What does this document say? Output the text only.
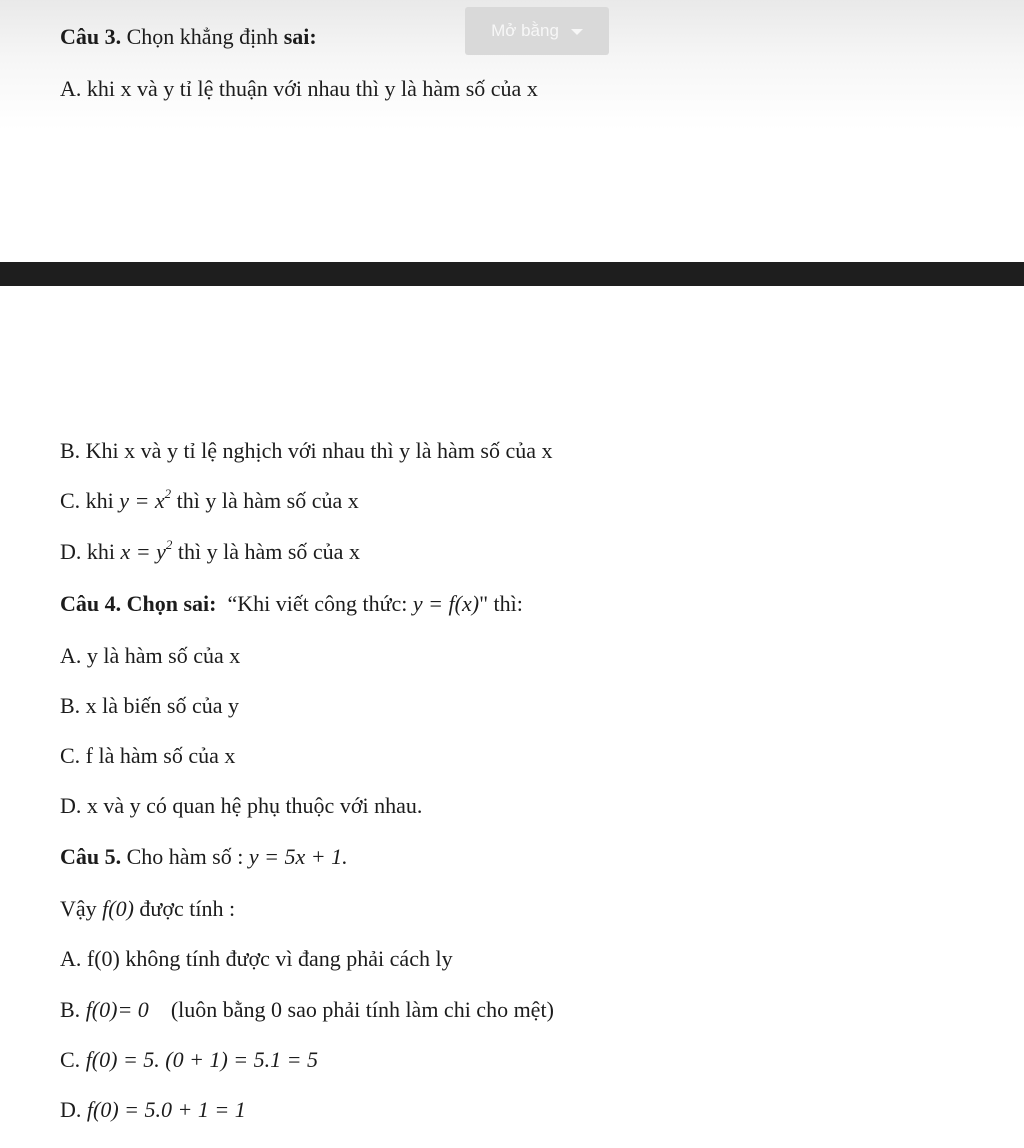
Mở bằng
Câu 3. Chọn khẳng định sai:
A. khi x và y tỉ lệ thuận với nhau thì y là hàm số của x
B. Khi x và y tỉ lệ nghịch với nhau thì y là hàm số của x
C. khi $y = x^2$ thì y là hàm số của x
D. khi $x = y^2$ thì y là hàm số của x
Câu 4. Chọn sai: “Khi viết công thức: y = f(x)" thì:
A. y là hàm số của x
B. x là biến số của y
C. f là hàm số của x
D. x và y có quan hệ phụ thuộc với nhau.
Câu 5. Cho hàm số : y = 5x + 1.
Vậy f(0) được tính :
A. f(0) không tính được vì đang phải cách ly
B. f(0)= 0 (luôn bằng 0 sao phải tính làm chi cho mệt)
C. f(0) = 5. (0 + 1) = 5.1 = 5
D. f(0) = 5.0 + 1 = 1
